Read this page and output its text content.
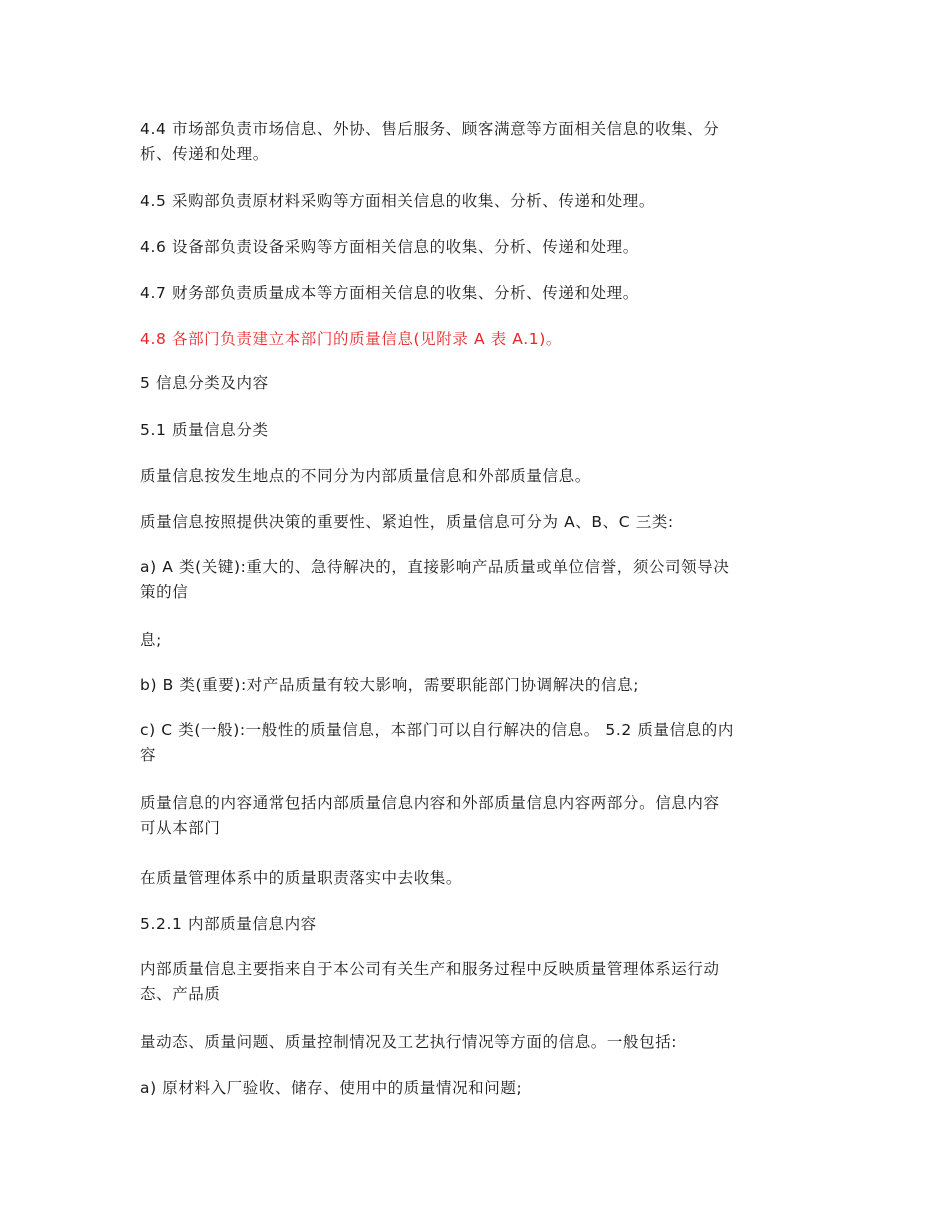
4.4 市场部负责市场信息、外协、售后服务、顾客满意等方面相关信息的收集、分
析、传递和处理。
4.5 采购部负责原材料采购等方面相关信息的收集、分析、传递和处理。
4.6 设备部负责设备采购等方面相关信息的收集、分析、传递和处理。
4.7 财务部负责质量成本等方面相关信息的收集、分析、传递和处理。
4.8 各部门负责建立本部门的质量信息(见附录 A 表 A.1)。
5 信息分类及内容
5.1 质量信息分类
质量信息按发生地点的不同分为内部质量信息和外部质量信息。
质量信息按照提供决策的重要性、紧迫性，质量信息可分为 A、B、C 三类:
a) A 类(关键):重大的、急待解决的，直接影响产品质量或单位信誉，须公司领导决
策的信
息;
b) B 类(重要):对产品质量有较大影响，需要职能部门协调解决的信息;
c) C 类(一般):一般性的质量信息，本部门可以自行解决的信息。 5.2 质量信息的内
容
质量信息的内容通常包括内部质量信息内容和外部质量信息内容两部分。信息内容
可从本部门
在质量管理体系中的质量职责落实中去收集。
5.2.1 内部质量信息内容
内部质量信息主要指来自于本公司有关生产和服务过程中反映质量管理体系运行动
态、产品质
量动态、质量问题、质量控制情况及工艺执行情况等方面的信息。一般包括:
a) 原材料入厂验收、储存、使用中的质量情况和问题;
